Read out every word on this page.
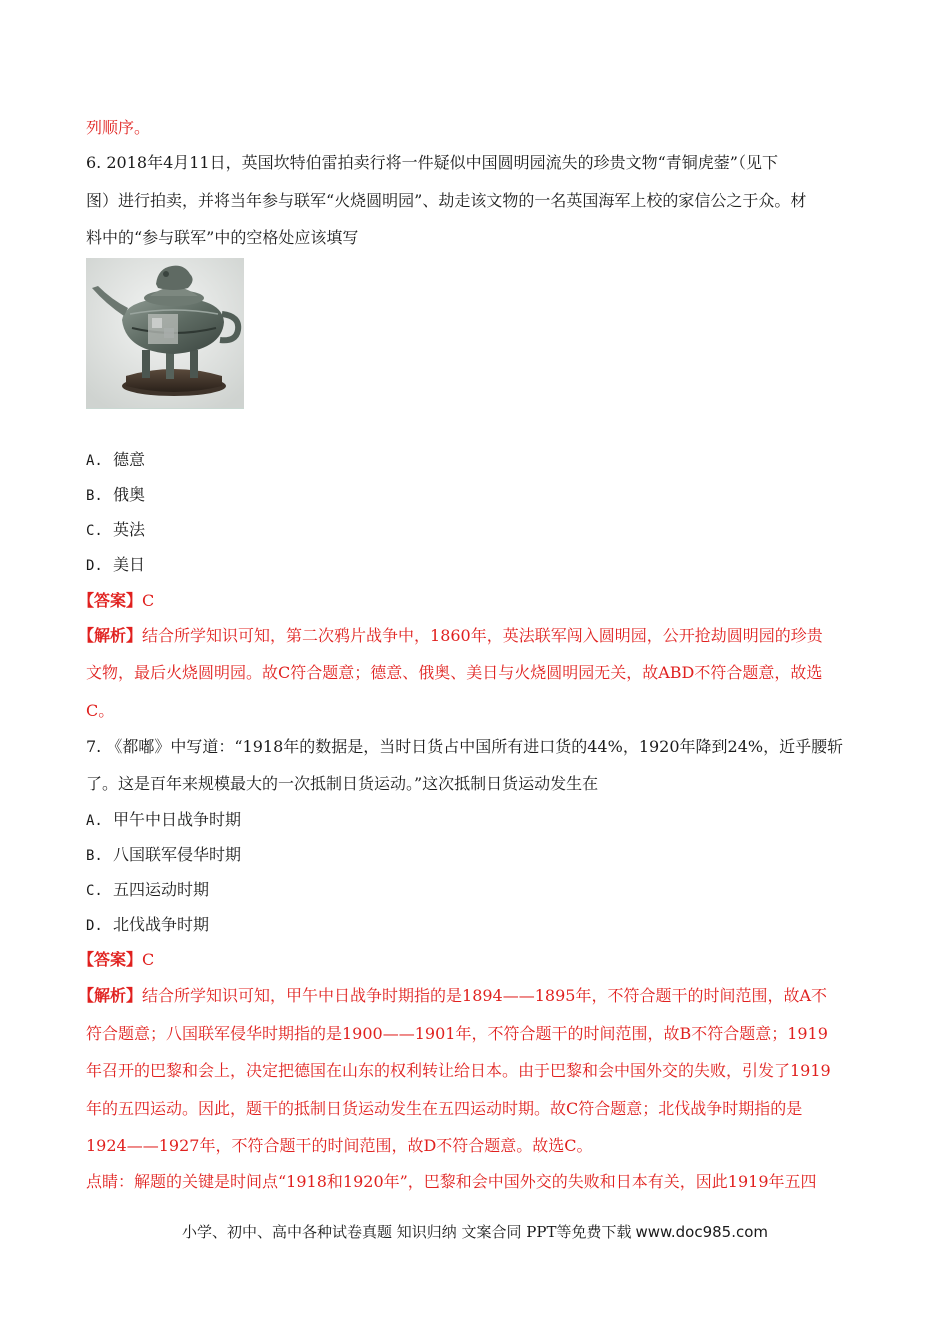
列顺序。
6. 2018年4月11日，英国坎特伯雷拍卖行将一件疑似中国圆明园流失的珍贵文物“青铜虎蓥”（见下
图）进行拍卖，并将当年参与联军“火烧圆明园”、劫走该文物的一名英国海军上校的家信公之于众。材
料中的“参与联军”中的空格处应该填写
A. 德意
B. 俄奥
C. 英法
D. 美日
【答案】C
【解析】结合所学知识可知，第二次鸦片战争中，1860年，英法联军闯入圆明园，公开抢劫圆明园的珍贵
文物，最后火烧圆明园。故C符合题意；德意、俄奥、美日与火烧圆明园无关，故ABD不符合题意，故选
C。
7. 《都嘟》中写道：“1918年的数据是，当时日货占中国所有进口货的44%，1920年降到24%，近乎腰斩
了。这是百年来规模最大的一次抵制日货运动。”这次抵制日货运动发生在
A. 甲午中日战争时期
B. 八国联军侵华时期
C. 五四运动时期
D. 北伐战争时期
【答案】C
【解析】结合所学知识可知，甲午中日战争时期指的是1894——1895年，不符合题干的时间范围，故A不
符合题意；八国联军侵华时期指的是1900——1901年，不符合题干的时间范围，故B不符合题意；1919
年召开的巴黎和会上，决定把德国在山东的权利转让给日本。由于巴黎和会中国外交的失败，引发了1919
年的五四运动。因此，题干的抵制日货运动发生在五四运动时期。故C符合题意；北伐战争时期指的是
1924——1927年，不符合题干的时间范围，故D不符合题意。故选C。
点睛：解题的关键是时间点“1918和1920年”，巴黎和会中国外交的失败和日本有关，因此1919年五四
小学、初中、高中各种试卷真题 知识归纳 文案合同 PPT等免费下载 www.doc985.com
